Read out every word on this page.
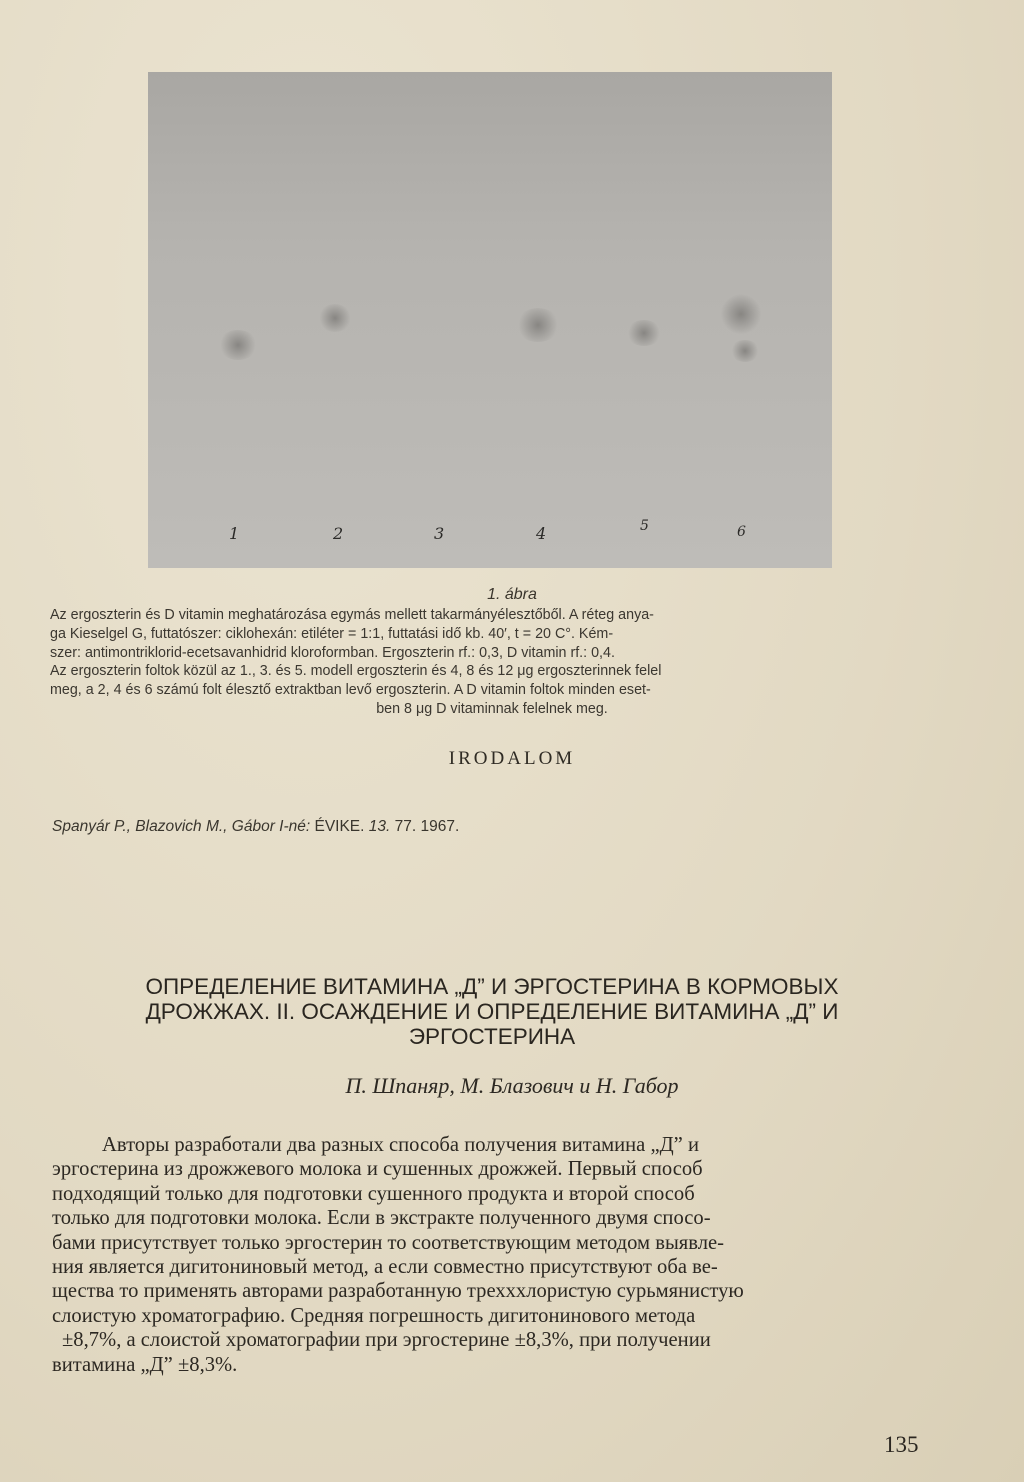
1	2	3	4	5	6
1. ábra
Az ergoszterin és D vitamin meghatározása egymás mellett takarmányélesztőből. A réteg anya-
ga Kieselgel G, futtatószer: ciklohexán: etiléter = 1:1, futtatási idő kb. 40′, t = 20 C°. Kém-
szer: antimontriklorid-ecetsavanhidrid kloroformban. Ergoszterin rf.: 0,3, D vitamin rf.: 0,4.
Az ergoszterin foltok közül az 1., 3. és 5. modell ergoszterin és 4, 8 és 12 μg ergoszterinnek felel
meg, a 2, 4 és 6 számú folt élesztő extraktban levő ergoszterin. A D vitamin foltok minden eset-
ben 8 μg D vitaminnak felelnek meg.
IRODALOM
Spanyár P., Blazovich M., Gábor I-né: ÉVIKE. 13. 77. 1967.
ОПРЕДЕЛЕНИЕ ВИТАМИНА „Д” И ЭРГОСТЕРИНА В КОРМОВЫХ
ДРОЖЖАХ. II. ОСАЖДЕНИЕ И ОПРЕДЕЛЕНИЕ ВИТАМИНА „Д” И
ЭРГОСТЕРИНА
П. Шпаняр, М. Блазович и Н. Габор
Авторы разработали два разных способа получения витамина „Д” и
эргостерина из дрожжевого молока и сушенных дрожжей. Первый способ
подходящий только для подготовки сушенного продукта и второй способ
только для подготовки молока. Если в экстракте полученного двумя спосо-
бами присутствует только эргостерин то соответствующим методом выявле-
ния является дигитониновый метод, а если совместно присутствуют оба ве-
щества то применять авторами разработанную трехххлористую сурьмянистую
слоистую хроматографию. Средняя погрешность дигитонинового метода
±8,7%, а слоистой хроматографии при эргостерине ±8,3%, при получении
витамина „Д” ±8,3%.
135
